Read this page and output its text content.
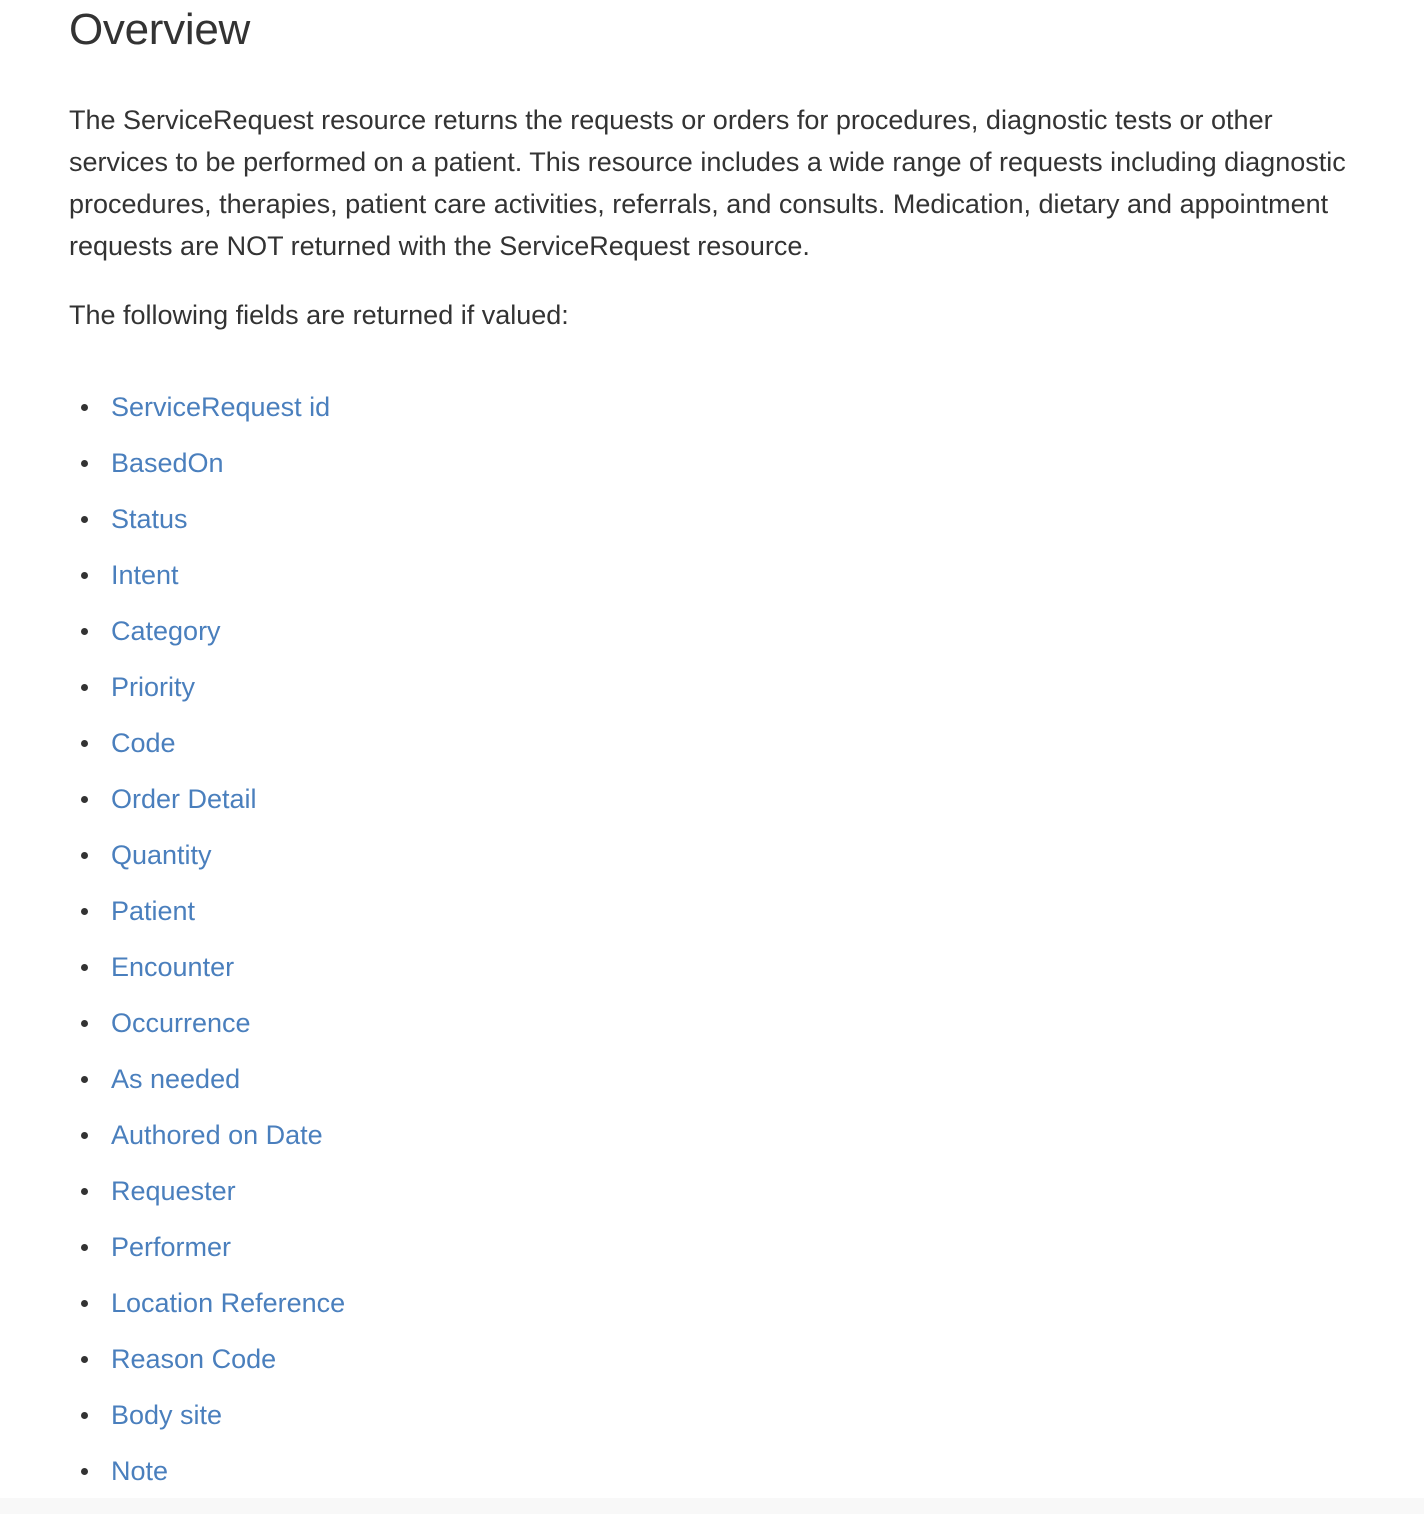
Overview

The ServiceRequest resource returns the requests or orders for procedures, diagnostic tests or other services to be performed on a patient. This resource includes a wide range of requests including diagnostic procedures, therapies, patient care activities, referrals, and consults. Medication, dietary and appointment requests are NOT returned with the ServiceRequest resource.

The following fields are returned if valued:

ServiceRequest id
BasedOn
Status
Intent
Category
Priority
Code
Order Detail
Quantity
Patient
Encounter
Occurrence
As needed
Authored on Date
Requester
Performer
Location Reference
Reason Code
Body site
Note
